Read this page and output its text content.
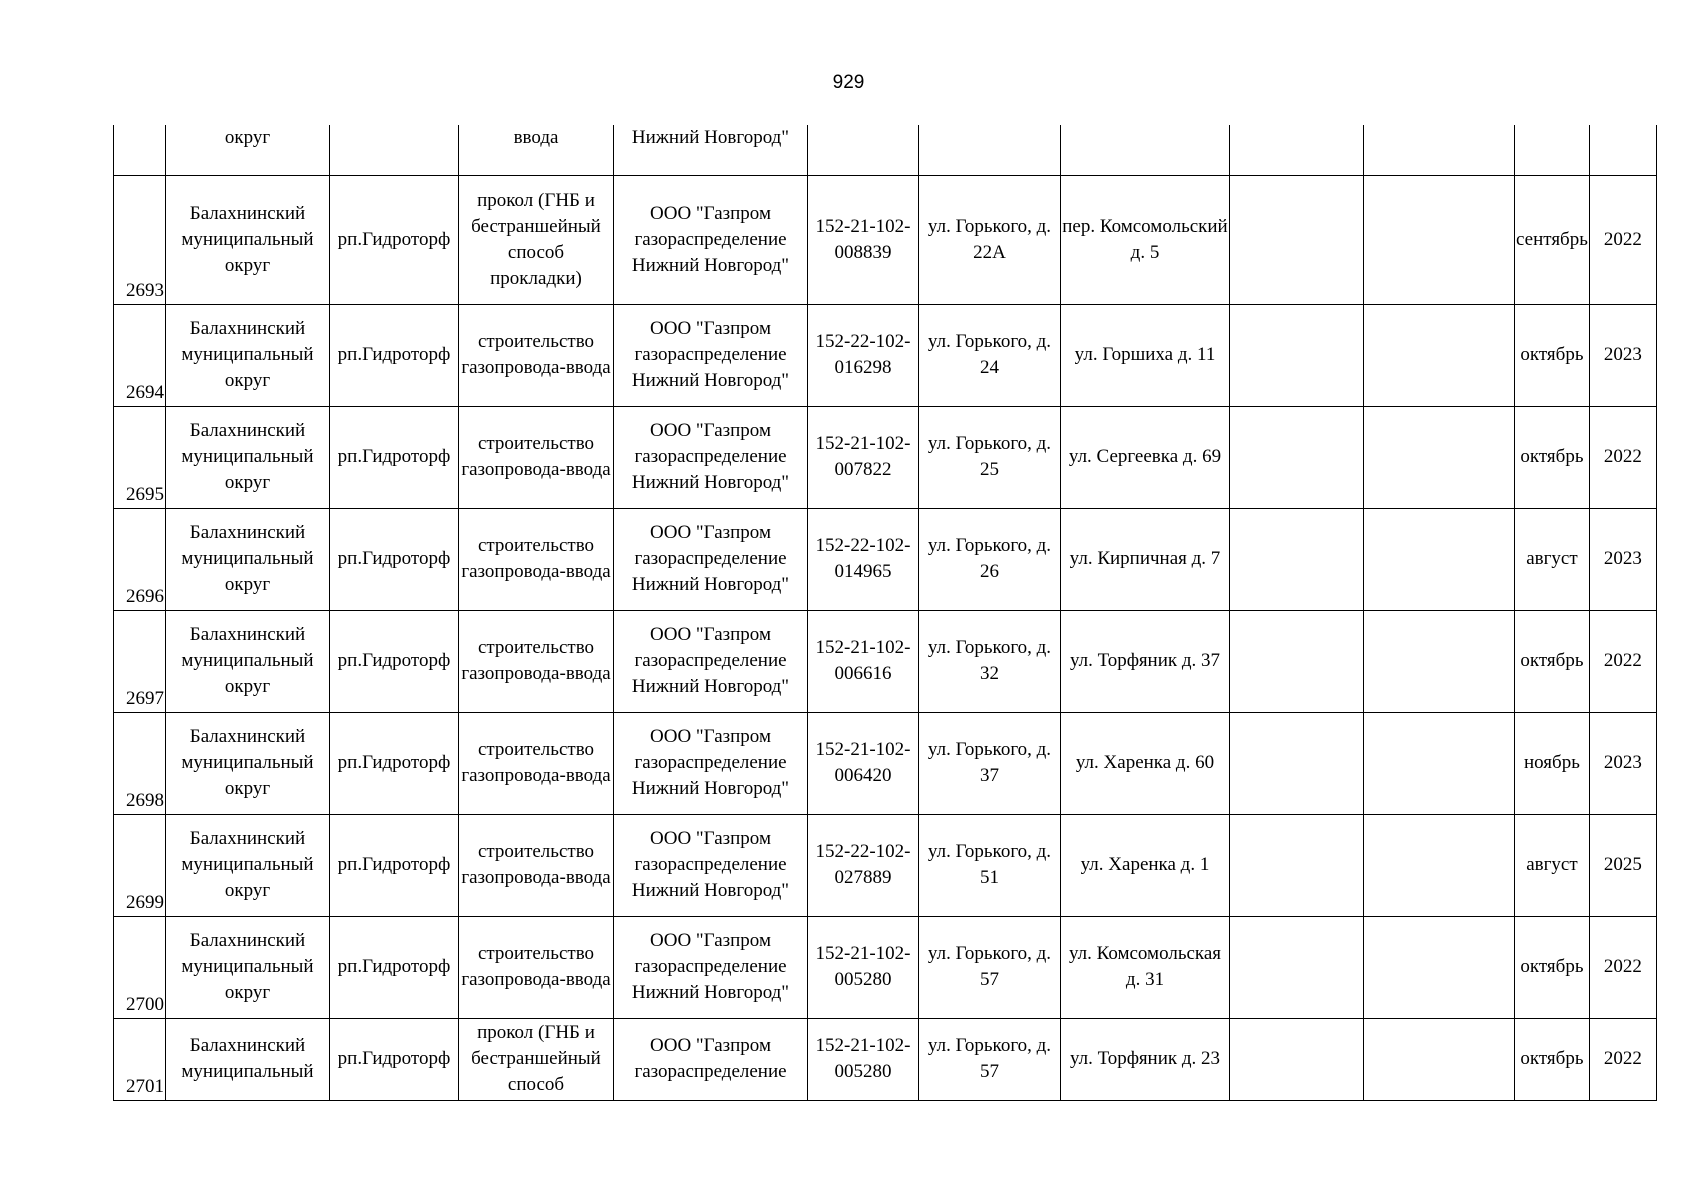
929
	округ		ввода	Нижний Новгород"							
2693	Балахнинский муниципальный округ	рп.Гидроторф	прокол (ГНБ и бестраншейный способ прокладки)	ООО "Газпром газораспределение Нижний Новгород"	152-21-102-008839	ул. Горького, д. 22А	пер. Комсомольский д. 5			сентябрь	2022
2694	Балахнинский муниципальный округ	рп.Гидроторф	строительство газопровода-ввода	ООО "Газпром газораспределение Нижний Новгород"	152-22-102-016298	ул. Горького, д. 24	ул. Горшиха д. 11			октябрь	2023
2695	Балахнинский муниципальный округ	рп.Гидроторф	строительство газопровода-ввода	ООО "Газпром газораспределение Нижний Новгород"	152-21-102-007822	ул. Горького, д. 25	ул. Сергеевка д. 69			октябрь	2022
2696	Балахнинский муниципальный округ	рп.Гидроторф	строительство газопровода-ввода	ООО "Газпром газораспределение Нижний Новгород"	152-22-102-014965	ул. Горького, д. 26	ул. Кирпичная д. 7			август	2023
2697	Балахнинский муниципальный округ	рп.Гидроторф	строительство газопровода-ввода	ООО "Газпром газораспределение Нижний Новгород"	152-21-102-006616	ул. Горького, д. 32	ул. Торфяник д. 37			октябрь	2022
2698	Балахнинский муниципальный округ	рп.Гидроторф	строительство газопровода-ввода	ООО "Газпром газораспределение Нижний Новгород"	152-21-102-006420	ул. Горького, д. 37	ул. Харенка д. 60			ноябрь	2023
2699	Балахнинский муниципальный округ	рп.Гидроторф	строительство газопровода-ввода	ООО "Газпром газораспределение Нижний Новгород"	152-22-102-027889	ул. Горького, д. 51	ул. Харенка д. 1			август	2025
2700	Балахнинский муниципальный округ	рп.Гидроторф	строительство газопровода-ввода	ООО "Газпром газораспределение Нижний Новгород"	152-21-102-005280	ул. Горького, д. 57	ул. Комсомольская д. 31			октябрь	2022
2701	Балахнинский муниципальный	рп.Гидроторф	прокол (ГНБ и бестраншейный способ	ООО "Газпром газораспределение	152-21-102-005280	ул. Горького, д. 57	ул. Торфяник д. 23			октябрь	2022
